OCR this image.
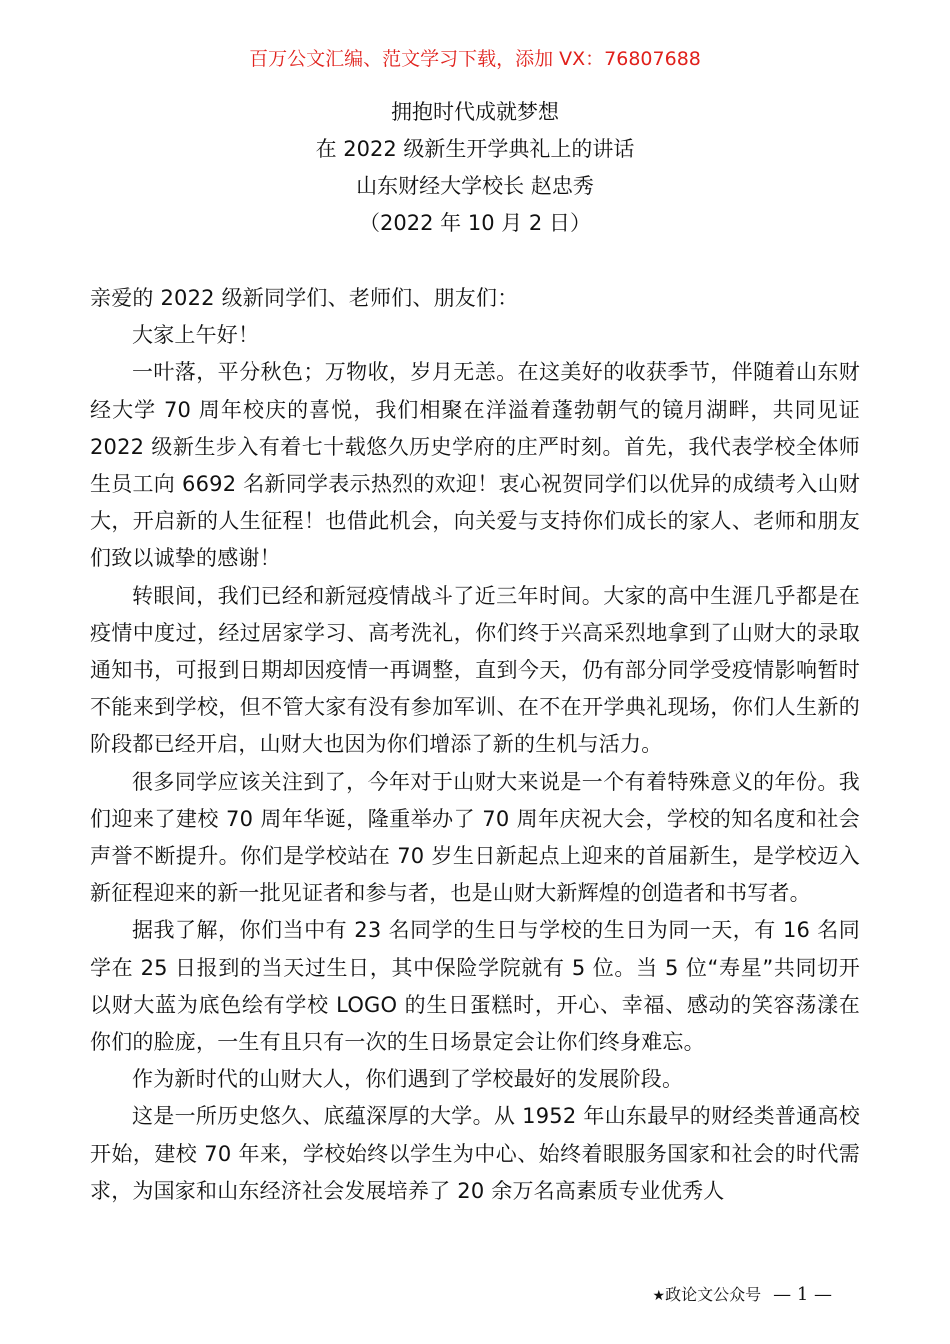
百万公文汇编、范文学习下载，添加 VX：76807688
拥抱时代成就梦想
在 2022 级新生开学典礼上的讲话
山东财经大学校长 赵忠秀
（2022 年 10 月 2 日）

亲爱的 2022 级新同学们、老师们、朋友们：

大家上午好！

一叶落，平分秋色；万物收，岁月无恙。在这美好的收获季节，伴随着山东财经大学 70 周年校庆的喜悦，我们相聚在洋溢着蓬勃朝气的镜月湖畔，共同见证 2022 级新生步入有着七十载悠久历史学府的庄严时刻。首先，我代表学校全体师生员工向 6692 名新同学表示热烈的欢迎！衷心祝贺同学们以优异的成绩考入山财大，开启新的人生征程！也借此机会，向关爱与支持你们成长的家人、老师和朋友们致以诚挚的感谢！

转眼间，我们已经和新冠疫情战斗了近三年时间。大家的高中生涯几乎都是在疫情中度过，经过居家学习、高考洗礼，你们终于兴高采烈地拿到了山财大的录取通知书，可报到日期却因疫情一再调整，直到今天，仍有部分同学受疫情影响暂时不能来到学校，但不管大家有没有参加军训、在不在开学典礼现场，你们人生新的阶段都已经开启，山财大也因为你们增添了新的生机与活力。

很多同学应该关注到了，今年对于山财大来说是一个有着特殊意义的年份。我们迎来了建校 70 周年华诞，隆重举办了 70 周年庆祝大会，学校的知名度和社会声誉不断提升。你们是学校站在 70 岁生日新起点上迎来的首届新生，是学校迈入新征程迎来的新一批见证者和参与者，也是山财大新辉煌的创造者和书写者。

据我了解，你们当中有 23 名同学的生日与学校的生日为同一天，有 16 名同学在 25 日报到的当天过生日，其中保险学院就有 5 位。当 5 位“寿星”共同切开以财大蓝为底色绘有学校 LOGO 的生日蛋糕时，开心、幸福、感动的笑容荡漾在你们的脸庞，一生有且只有一次的生日场景定会让你们终身难忘。

作为新时代的山财大人，你们遇到了学校最好的发展阶段。

这是一所历史悠久、底蕴深厚的大学。从 1952 年山东最早的财经类普通高校开始，建校 70 年来，学校始终以学生为中心、始终着眼服务国家和社会的时代需求，为国家和山东经济社会发展培养了 20 余万名高素质专业优秀人

★政论文公众号 — 1 —
